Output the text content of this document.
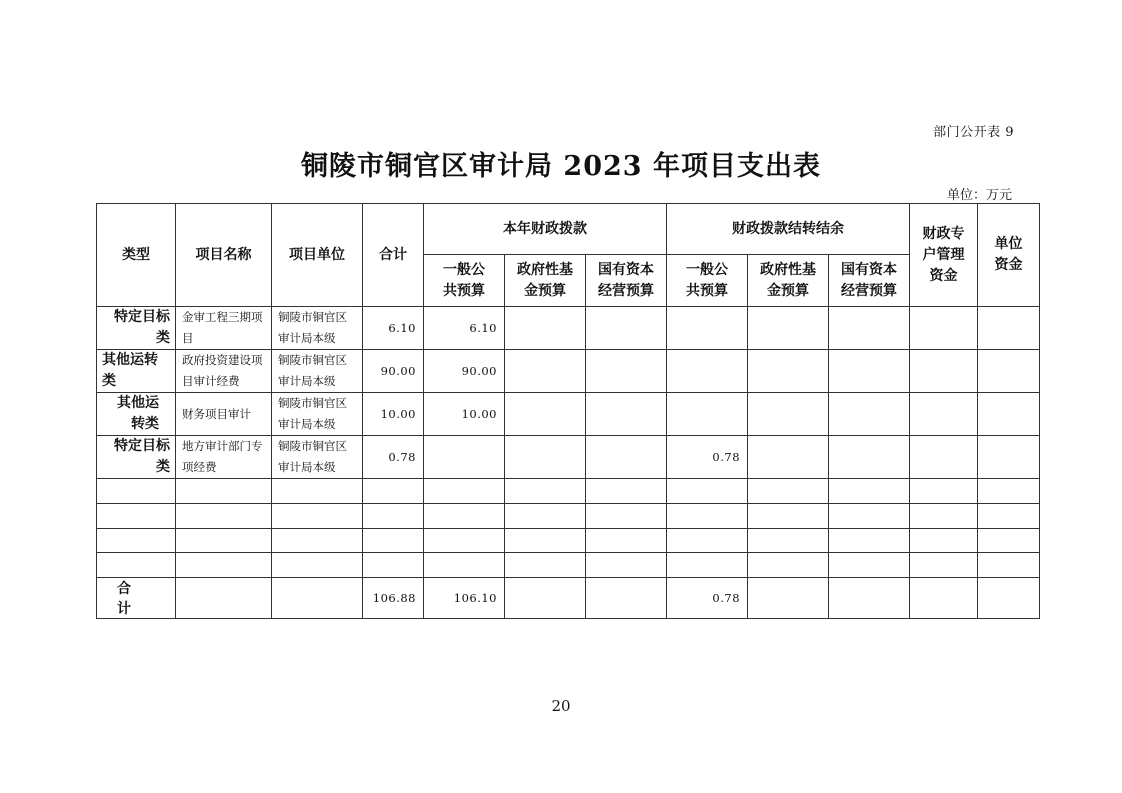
部门公开表 9
铜陵市铜官区审计局 2023 年项目支出表
单位：万元
类型	项目名称	项目单位	合计	本年财政拨款			财政拨款结转结余			财政专户管理资金	单位资金
				一般公共预算	政府性基金预算	国有资本经营预算	一般公共预算	政府性基金预算	国有资本经营预算		
特定目标类	金审工程三期项目	铜陵市铜官区审计局本级	6.10	6.10							
其他运转类	政府投资建设项目审计经费	铜陵市铜官区审计局本级	90.00	90.00							
其他运转类	财务项目审计	铜陵市铜官区审计局本级	10.00	10.00							
特定目标类	地方审计部门专项经费	铜陵市铜官区审计局本级	0.78				0.78				

合 计			106.88	106.10			0.78				
20
